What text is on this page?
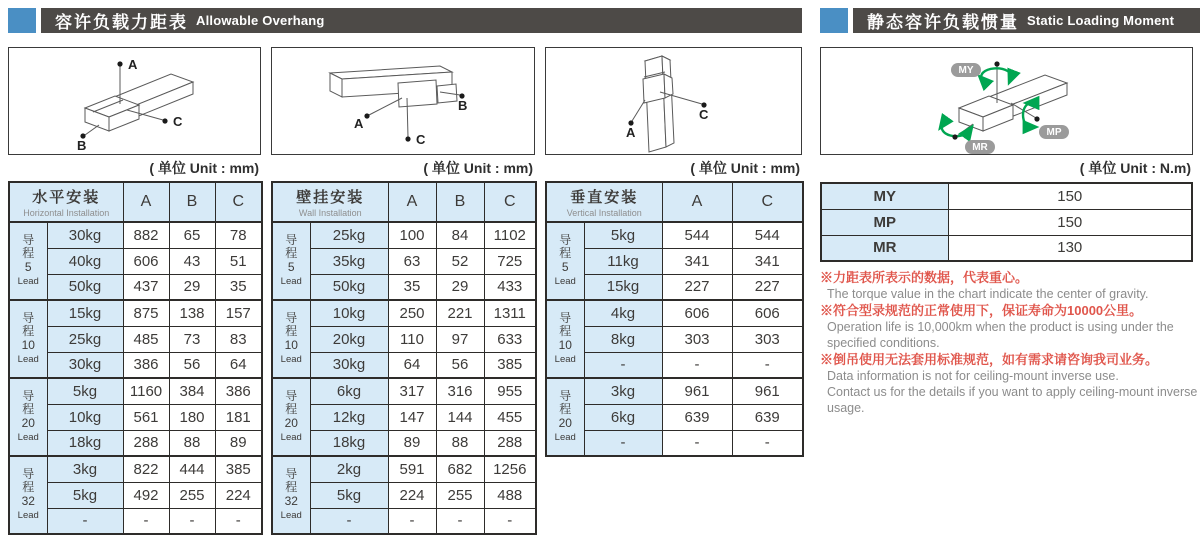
容许负载力距表 Allowable Overhang
A
C
B
( 单位 Unit : mm)
水平安装
Horizontal Installation		A	B	C
导
程
5
Lead	30kg	882	65	78
	40kg	606	43	51
	50kg	437	29	35
导
程
10
Lead	15kg	875	138	157
	25kg	485	73	83
	30kg	386	56	64
导
程
20
Lead	5kg	1160	384	386
	10kg	561	180	181
	18kg	288	88	89
导
程
32
Lead	3kg	822	444	385
	5kg	492	255	224
	-	-	-	-
A
C
B
( 单位 Unit : mm)
壁挂安装
Wall Installation		A	B	C
导
程
5
Lead	25kg	100	84	1102
	35kg	63	52	725
	50kg	35	29	433
导
程
10
Lead	10kg	250	221	1311
	20kg	110	97	633
	30kg	64	56	385
导
程
20
Lead	6kg	317	316	955
	12kg	147	144	455
	18kg	89	88	288
导
程
32
Lead	2kg	591	682	1256
	5kg	224	255	488
	-	-	-	-
A
C
( 单位 Unit : mm)
垂直安装
Vertical Installation		A	C
导
程
5
Lead	5kg	544	544
	11kg	341	341
	15kg	227	227
导
程
10
Lead	4kg	606	606
	8kg	303	303
	-	-	-
导
程
20
Lead	3kg	961	961
	6kg	639	639
	-	-	-
静态容许负载惯量 Static Loading Moment
MY
MP
MR
( 单位 Unit : N.m)
MY	150
MP	150
MR	130
※力距表所表示的数据，代表重心。
The torque value in the chart indicate the center of gravity.
※符合型录规范的正常使用下，保证寿命为10000公里。
Operation life is 10,000km when the product is using under the specified conditions.
※倒吊使用无法套用标准规范，如有需求请咨询我司业务。
Data information is not for ceiling-mount inverse use.
Contact us for the details if you want to apply ceiling-mount inverse usage.
